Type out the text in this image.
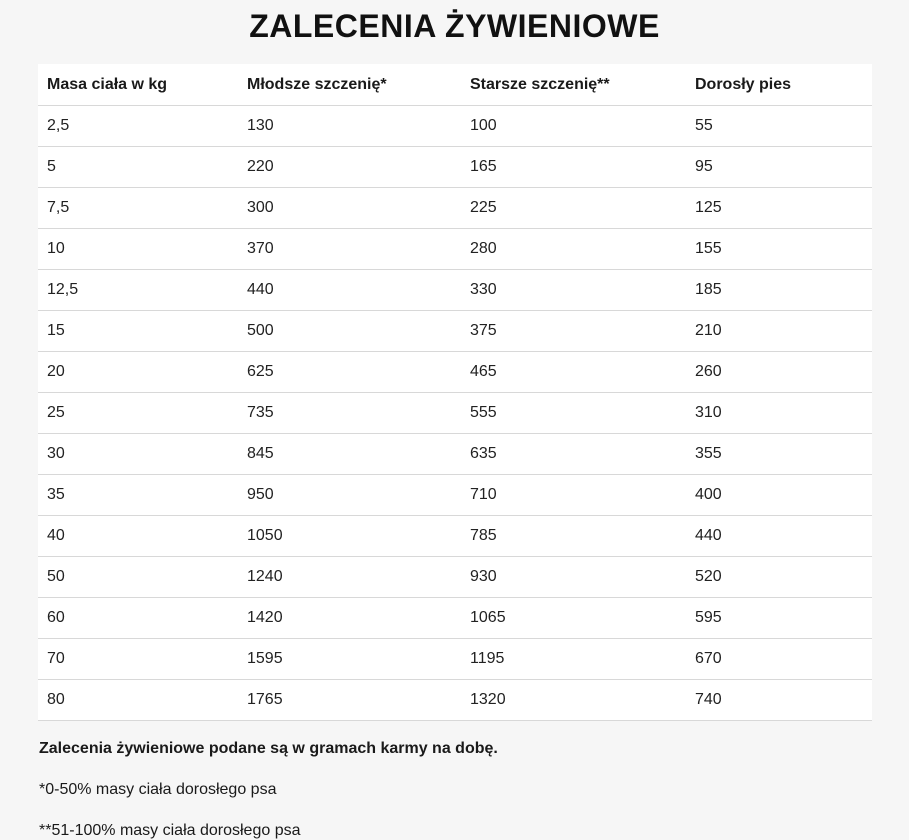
ZALECENIA ŻYWIENIOWE
Masa ciała w kg	Młodsze szczenię*	Starsze szczenię**	Dorosły pies
2,5	130	100	55
5	220	165	95
7,5	300	225	125
10	370	280	155
12,5	440	330	185
15	500	375	210
20	625	465	260
25	735	555	310
30	845	635	355
35	950	710	400
40	1050	785	440
50	1240	930	520
60	1420	1065	595
70	1595	1195	670
80	1765	1320	740
Zalecenia żywieniowe podane są w gramach karmy na dobę.
*0-50% masy ciała dorosłego psa
**51-100% masy ciała dorosłego psa
